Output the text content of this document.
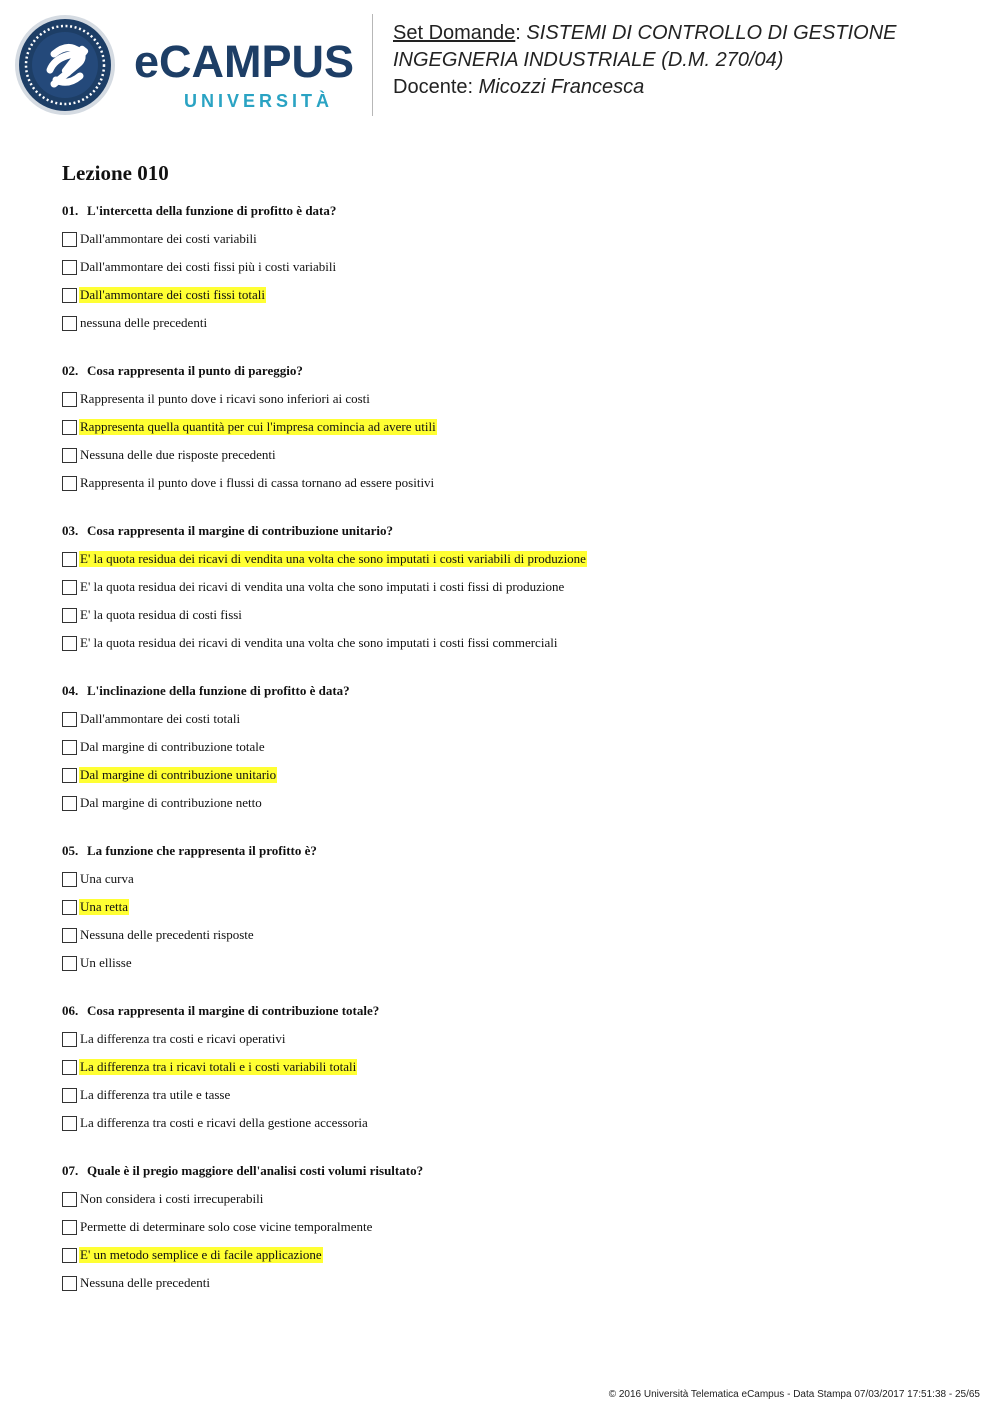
eCAMPUS
UNIVERSITÀ
Set Domande: SISTEMI DI CONTROLLO DI GESTIONE
INGEGNERIA INDUSTRIALE (D.M. 270/04)
Docente: Micozzi Francesca
Lezione 010
01. L'intercetta della funzione di profitto è data?
Dall'ammontare dei costi variabili
Dall'ammontare dei costi fissi più i costi variabili
Dall'ammontare dei costi fissi totali
nessuna delle precedenti
02. Cosa rappresenta il punto di pareggio?
Rappresenta il punto dove i ricavi sono inferiori ai costi
Rappresenta quella quantità per cui l'impresa comincia ad avere utili
Nessuna delle due risposte precedenti
Rappresenta il punto dove i flussi di cassa tornano ad essere positivi
03. Cosa rappresenta il margine di contribuzione unitario?
E' la quota residua dei ricavi di vendita una volta che sono imputati i costi variabili di produzione
E' la quota residua dei ricavi di vendita una volta che sono imputati i costi fissi di produzione
E' la quota residua di costi fissi
E' la quota residua dei ricavi di vendita una volta che sono imputati i costi fissi commerciali
04. L'inclinazione della funzione di profitto è data?
Dall'ammontare dei costi totali
Dal margine di contribuzione totale
Dal margine di contribuzione unitario
Dal margine di contribuzione netto
05. La funzione che rappresenta il profitto è?
Una curva
Una retta
Nessuna delle precedenti risposte
Un ellisse
06. Cosa rappresenta il margine di contribuzione totale?
La differenza tra costi e ricavi operativi
La differenza tra i ricavi totali e i costi variabili totali
La differenza tra utile e tasse
La differenza tra costi e ricavi della gestione accessoria
07. Quale è il pregio maggiore dell'analisi costi volumi risultato?
Non considera i costi irrecuperabili
Permette di determinare solo cose vicine temporalmente
E' un metodo semplice e di facile applicazione
Nessuna delle precedenti
© 2016 Università Telematica eCampus - Data Stampa 07/03/2017 17:51:38 - 25/65
